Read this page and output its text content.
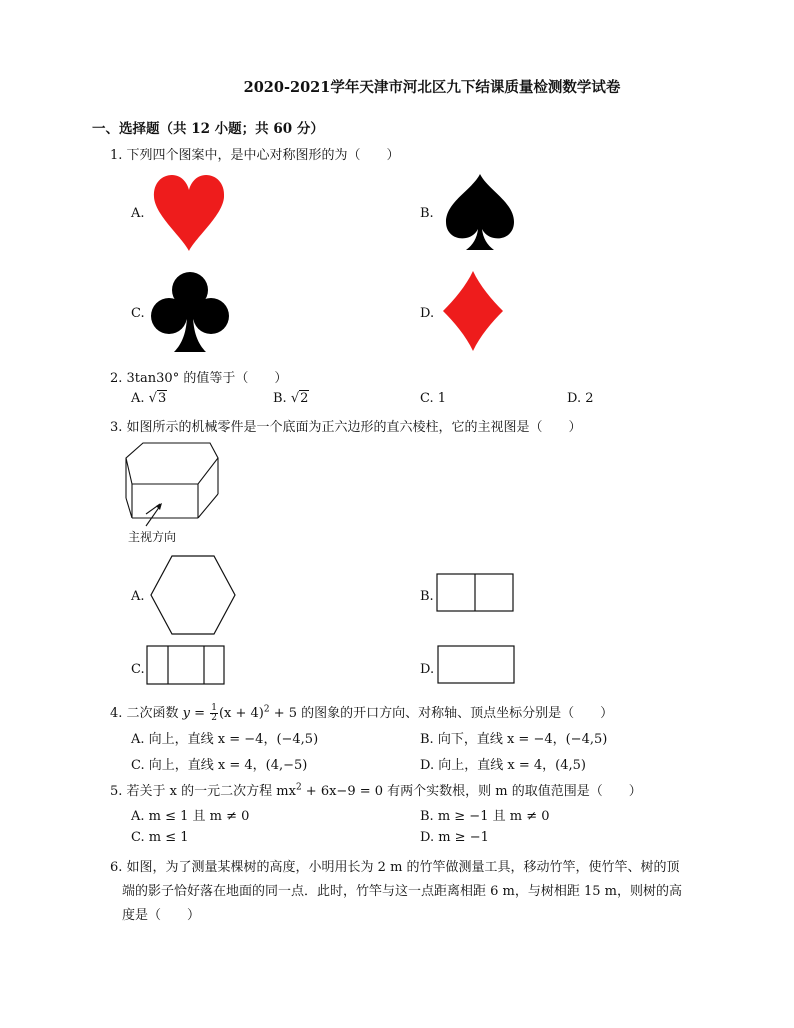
2020-2021学年天津市河北区九下结课质量检测数学试卷
一、选择题（共 12 小题；共 60 分）
1. 下列四个图案中，是中心对称图形的为（　　）
A.	B.
C.	D.
2. 3tan30° 的值等于（　　）
A. √3	B. √2	C. 1	D. 2
3. 如图所示的机械零件是一个底面为正六边形的直六棱柱，它的主视图是（　　）
主视方向
A.	B.
C.	D.
4. 二次函数 $y = \frac{1}{2} (x + 4)^2 + 5$ 的图象的开口方向、对称轴、顶点坐标分别是（　　）
A. 向上，直线 x = −4，(−4,5)	B. 向下，直线 x = −4，(−4,5)
C. 向上，直线 x = 4，(4,−5)	D. 向上，直线 x = 4，(4,5)
5. 若关于 x 的一元二次方程 $mx^2 + 6x-9 = 0$ 有两个实数根，则 m 的取值范围是（　　）
A. m ≤ 1 且 m ≠ 0	B. m ≥ −1 且 m ≠ 0
C. m ≤ 1	D. m ≥ −1
6. 如图，为了测量某棵树的高度，小明用长为 2 m 的竹竿做测量工具，移动竹竿，使竹竿、树的顶
端的影子恰好落在地面的同一点．此时，竹竿与这一点距离相距 6 m，与树相距 15 m，则树的高
度是（　　）
